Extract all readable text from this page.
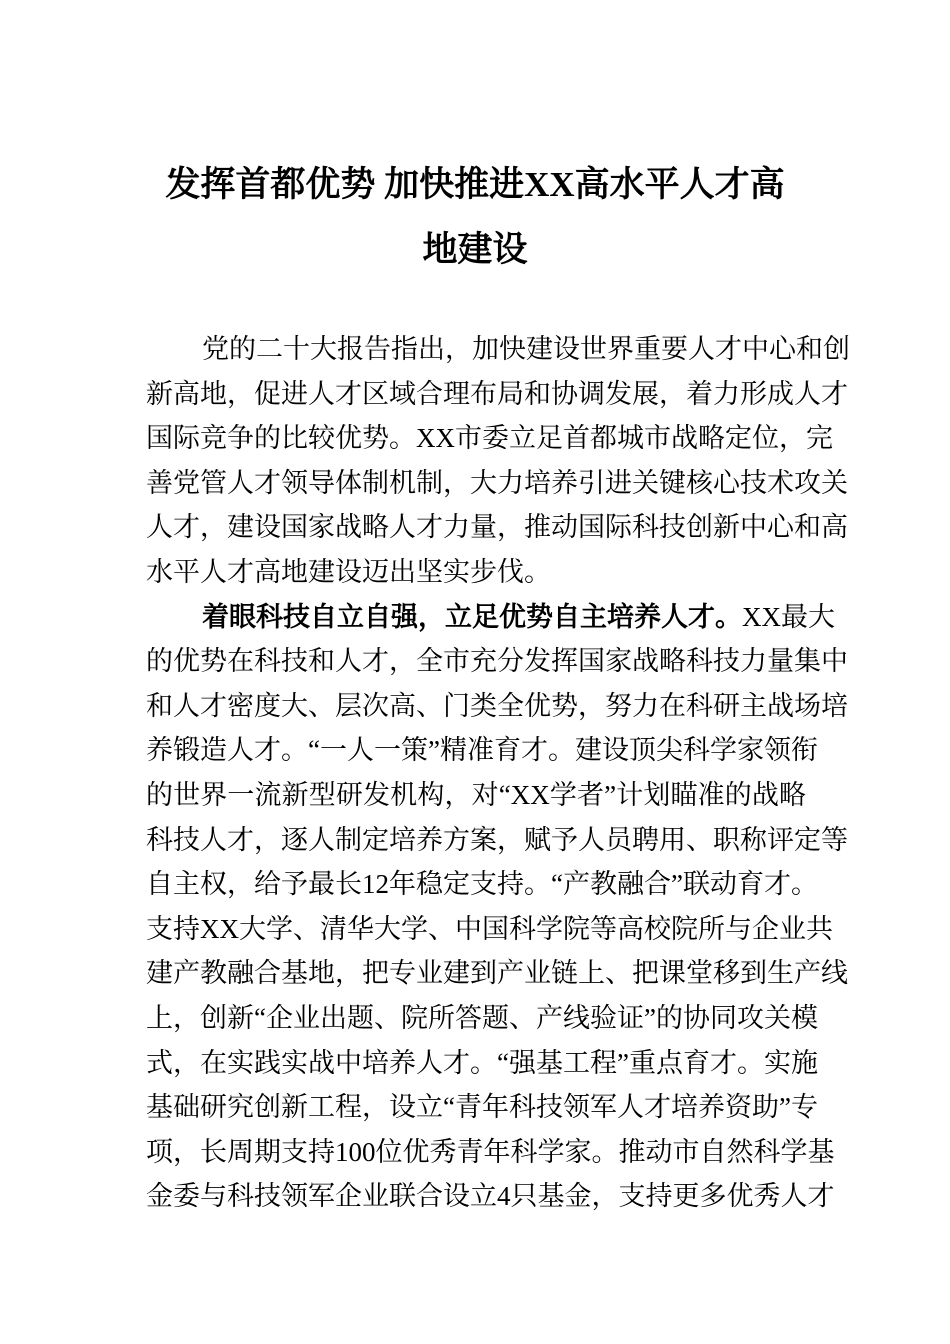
发挥首都优势 加快推进XX高水平人才高
地建设
党的二十大报告指出，加快建设世界重要人才中心和创
新高地，促进人才区域合理布局和协调发展，着力形成人才
国际竞争的比较优势。XX市委立足首都城市战略定位，完
善党管人才领导体制机制，大力培养引进关键核心技术攻关
人才，建设国家战略人才力量，推动国际科技创新中心和高
水平人才高地建设迈出坚实步伐。
着眼科技自立自强，立足优势自主培养人才。XX最大
的优势在科技和人才，全市充分发挥国家战略科技力量集中
和人才密度大、层次高、门类全优势，努力在科研主战场培
养锻造人才。“一人一策”精准育才。建设顶尖科学家领衔
的世界一流新型研发机构，对“XX学者”计划瞄准的战略
科技人才，逐人制定培养方案，赋予人员聘用、职称评定等
自主权，给予最长12年稳定支持。“产教融合”联动育才。
支持XX大学、清华大学、中国科学院等高校院所与企业共
建产教融合基地，把专业建到产业链上、把课堂移到生产线
上，创新“企业出题、院所答题、产线验证”的协同攻关模
式，在实践实战中培养人才。“强基工程”重点育才。实施
基础研究创新工程，设立“青年科技领军人才培养资助”专
项，长周期支持100位优秀青年科学家。推动市自然科学基
金委与科技领军企业联合设立4只基金，支持更多优秀人才
